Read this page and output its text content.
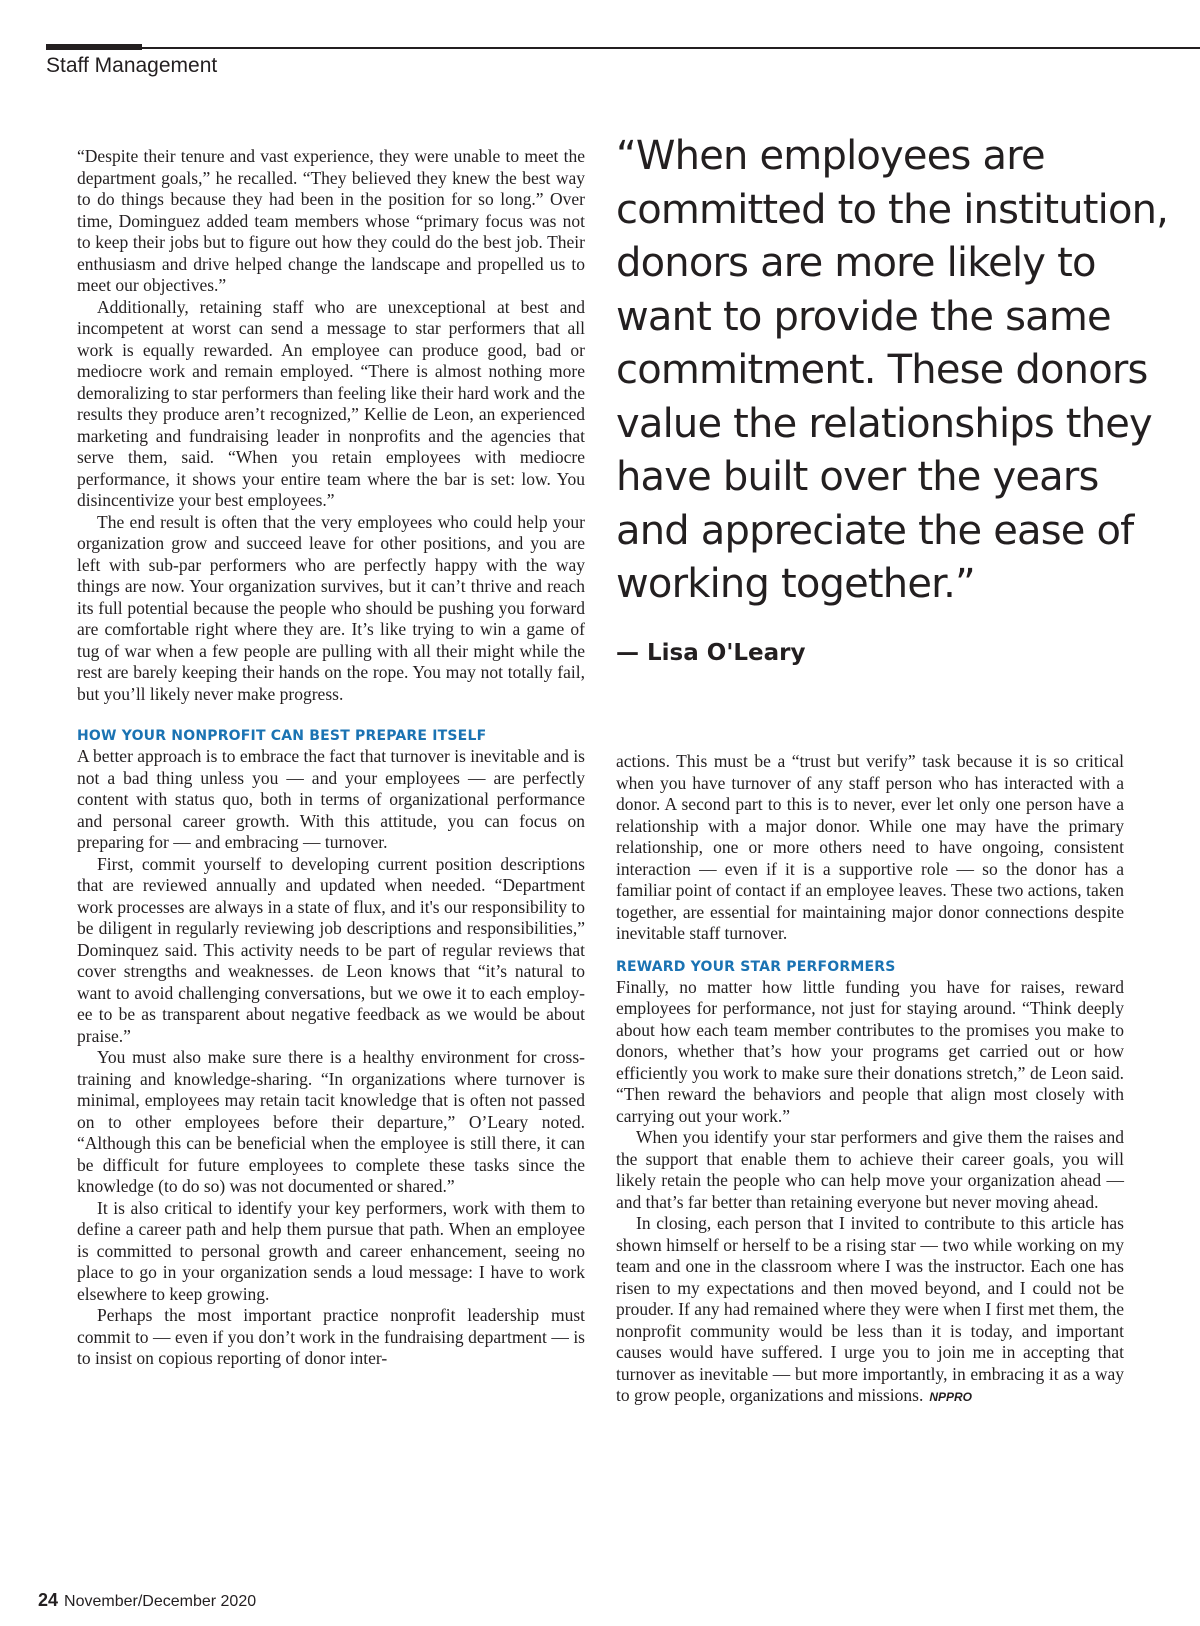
Staff Management

“Despite their tenure and vast experience, they were unable to meet the department goals,” he recalled. “They believed they knew the best way to do things because they had been in the position for so long.” Over time, Dominguez added team members whose “primary focus was not to keep their jobs but to figure out how they could do the best job. Their enthusiasm and drive helped change the landscape and propelled us to meet our objectives.”

Additionally, retaining staff who are unexceptional at best and incompetent at worst can send a message to star performers that all work is equally rewarded. An employee can produce good, bad or mediocre work and remain employed. “There is almost nothing more demoralizing to star performers than feeling like their hard work and the results they produce aren’t recognized,” Kellie de Leon, an experienced marketing and fundraising leader in nonprofits and the agencies that serve them, said. “When you retain employees with mediocre performance, it shows your entire team where the bar is set: low. You disincentivize your best employees.”

The end result is often that the very employees who could help your organization grow and succeed leave for other positions, and you are left with sub-par performers who are perfectly happy with the way things are now. Your organization survives, but it can’t thrive and reach its full potential because the people who should be pushing you forward are comfortable right where they are. It’s like trying to win a game of tug of war when a few people are pulling with all their might while the rest are barely keeping their hands on the rope. You may not totally fail, but you’ll likely never make progress.

HOW YOUR NONPROFIT CAN BEST PREPARE ITSELF

A better approach is to embrace the fact that turnover is inevitable and is not a bad thing unless you — and your employees — are perfectly content with status quo, both in terms of organizational performance and personal career growth. With this attitude, you can focus on preparing for — and embracing — turnover.

First, commit yourself to developing current position descriptions that are reviewed annually and updated when needed. “Department work processes are always in a state of flux, and it's our responsibility to be diligent in regularly reviewing job descriptions and responsibilities,” Dominquez said. This activity needs to be part of regular reviews that cover strengths and weaknesses. de Leon knows that “it’s natural to want to avoid challenging conversations, but we owe it to each employee to be as transparent about negative feedback as we would be about praise.”

You must also make sure there is a healthy environment for cross-training and knowledge-sharing. “In organizations where turnover is minimal, employees may retain tacit knowledge that is often not passed on to other employees before their departure,” O’Leary noted. “Although this can be beneficial when the employee is still there, it can be difficult for future employees to complete these tasks since the knowledge (to do so) was not documented or shared.”

It is also critical to identify your key performers, work with them to define a career path and help them pursue that path. When an employee is committed to personal growth and career enhancement, seeing no place to go in your organization sends a loud message: I have to work elsewhere to keep growing.

Perhaps the most important practice nonprofit leadership must commit to — even if you don’t work in the fundraising department — is to insist on copious reporting of donor inter-

“When employees are committed to the institution, donors are more likely to want to provide the same commitment. These donors value the relationships they have built over the years and appreciate the ease of working together.”
— Lisa O'Leary

actions. This must be a “trust but verify” task because it is so critical when you have turnover of any staff person who has interacted with a donor. A second part to this is to never, ever let only one person have a relationship with a major donor. While one may have the primary relationship, one or more others need to have ongoing, consistent interaction — even if it is a supportive role — so the donor has a familiar point of contact if an employee leaves. These two actions, taken together, are essential for maintaining major donor connections despite inevitable staff turnover.

REWARD YOUR STAR PERFORMERS

Finally, no matter how little funding you have for raises, reward employees for performance, not just for staying around. “Think deeply about how each team member contributes to the promises you make to donors, whether that’s how your programs get carried out or how efficiently you work to make sure their donations stretch,” de Leon said. “Then reward the behaviors and people that align most closely with carrying out your work.”

When you identify your star performers and give them the raises and the support that enable them to achieve their career goals, you will likely retain the people who can help move your organization ahead — and that’s far better than retaining everyone but never moving ahead.

In closing, each person that I invited to contribute to this article has shown himself or herself to be a rising star — two while working on my team and one in the classroom where I was the instructor. Each one has risen to my expectations and then moved beyond, and I could not be prouder. If any had remained where they were when I first met them, the nonprofit community would be less than it is today, and important causes would have suffered. I urge you to join me in accepting that turnover as inevitable — but more importantly, in embracing it as a way to grow people, organizations and missions. NPPRO

24 November/December 2020
